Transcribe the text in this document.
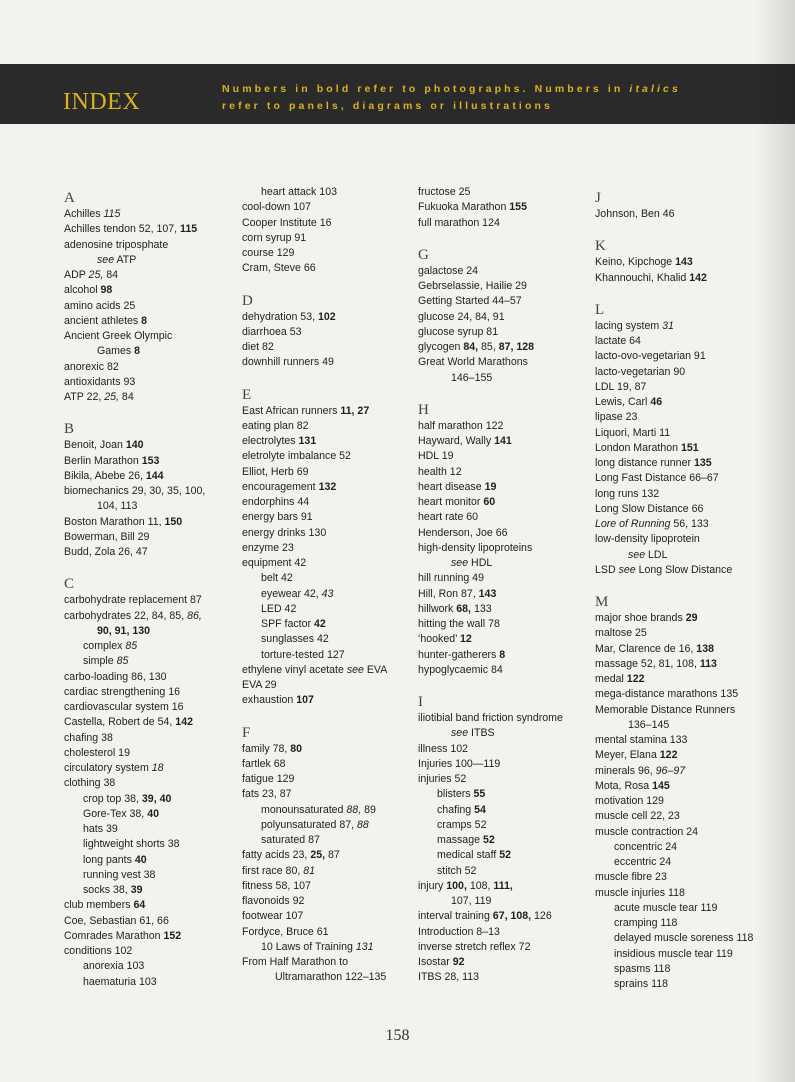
INDEX	Numbers in bold refer to photographs. Numbers in italics
refer to panels, diagrams or illustrations
A
Achilles 115
Achilles tendon 52, 107, 115
adenosine triposphate
see ATP
ADP 25, 84
alcohol 98
amino acids 25
ancient athletes 8
Ancient Greek Olympic
Games 8
anorexic 82
antioxidants 93
ATP 22, 25, 84
B
Benoit, Joan 140
Berlin Marathon 153
Bikila, Abebe 26, 144
biomechanics 29, 30, 35, 100,
104, 113
Boston Marathon 11, 150
Bowerman, Bill 29
Budd, Zola 26, 47
C
carbohydrate replacement 87
carbohydrates 22, 84, 85, 86,
90, 91, 130
complex 85
simple 85
carbo-loading 86, 130
cardiac strengthening 16
cardiovascular system 16
Castella, Robert de 54, 142
chafing 38
cholesterol 19
circulatory system 18
clothing 38
crop top 38, 39, 40
Gore-Tex 38, 40
hats 39
lightweight shorts 38
long pants 40
running vest 38
socks 38, 39
club members 64
Coe, Sebastian 61, 66
Comrades Marathon 152
conditions 102
anorexia 103
haematuria 103
heart attack 103
cool-down 107
Cooper Institute 16
corn syrup 91
course 129
Cram, Steve 66
D
dehydration 53, 102
diarrhoea 53
diet 82
downhill runners 49
E
East African runners 11, 27
eating plan 82
electrolytes 131
eletrolyte imbalance 52
Elliot, Herb 69
encouragement 132
endorphins 44
energy bars 91
energy drinks 130
enzyme 23
equipment 42
belt 42
eyewear 42, 43
LED 42
SPF factor 42
sunglasses 42
torture-tested 127
ethylene vinyl acetate see EVA
EVA 29
exhaustion 107
F
family 78, 80
fartlek 68
fatigue 129
fats 23, 87
monounsaturated 88, 89
polyunsaturated 87, 88
saturated 87
fatty acids 23, 25, 87
first race 80, 81
fitness 58, 107
flavonoids 92
footwear 107
Fordyce, Bruce 61
10 Laws of Training 131
From Half Marathon to
Ultramarathon 122–135
fructose 25
Fukuoka Marathon 155
full marathon 124
G
galactose 24
Gebrselassie, Hailie 29
Getting Started 44–57
glucose 24, 84, 91
glucose syrup 81
glycogen 84, 85, 87, 128
Great World Marathons
146–155
H
half marathon 122
Hayward, Wally 141
HDL 19
health 12
heart disease 19
heart monitor 60
heart rate 60
Henderson, Joe 66
high-density lipoproteins
see HDL
hill running 49
Hill, Ron 87, 143
hillwork 68, 133
hitting the wall 78
‘hooked’ 12
hunter-gatherers 8
hypoglycaemic 84
I
iliotibial band friction syndrome
see ITBS
illness 102
Injuries 100—119
injuries 52
blisters 55
chafing 54
cramps 52
massage 52
medical staff 52
stitch 52
injury 100, 108, 111,
107, 119
interval training 67, 108, 126
Introduction 8–13
inverse stretch reflex 72
Isostar 92
ITBS 28, 113
J
Johnson, Ben 46
K
Keino, Kipchoge 143
Khannouchi, Khalid 142
L
lacing system 31
lactate 64
lacto-ovo-vegetarian 91
lacto-vegetarian 90
LDL 19, 87
Lewis, Carl 46
lipase 23
Liquori, Marti 11
London Marathon 151
long distance runner 135
Long Fast Distance 66–67
long runs 132
Long Slow Distance 66
Lore of Running 56, 133
low-density lipoprotein
see LDL
LSD see Long Slow Distance
M
major shoe brands 29
maltose 25
Mar, Clarence de 16, 138
massage 52, 81, 108, 113
medal 122
mega-distance marathons 135
Memorable Distance Runners
136–145
mental stamina 133
Meyer, Elana 122
minerals 96, 96–97
Mota, Rosa 145
motivation 129
muscle cell 22, 23
muscle contraction 24
concentric 24
eccentric 24
muscle fibre 23
muscle injuries 118
acute muscle tear 119
cramping 118
delayed muscle soreness 118
insidious muscle tear 119
spasms 118
sprains 118
158
